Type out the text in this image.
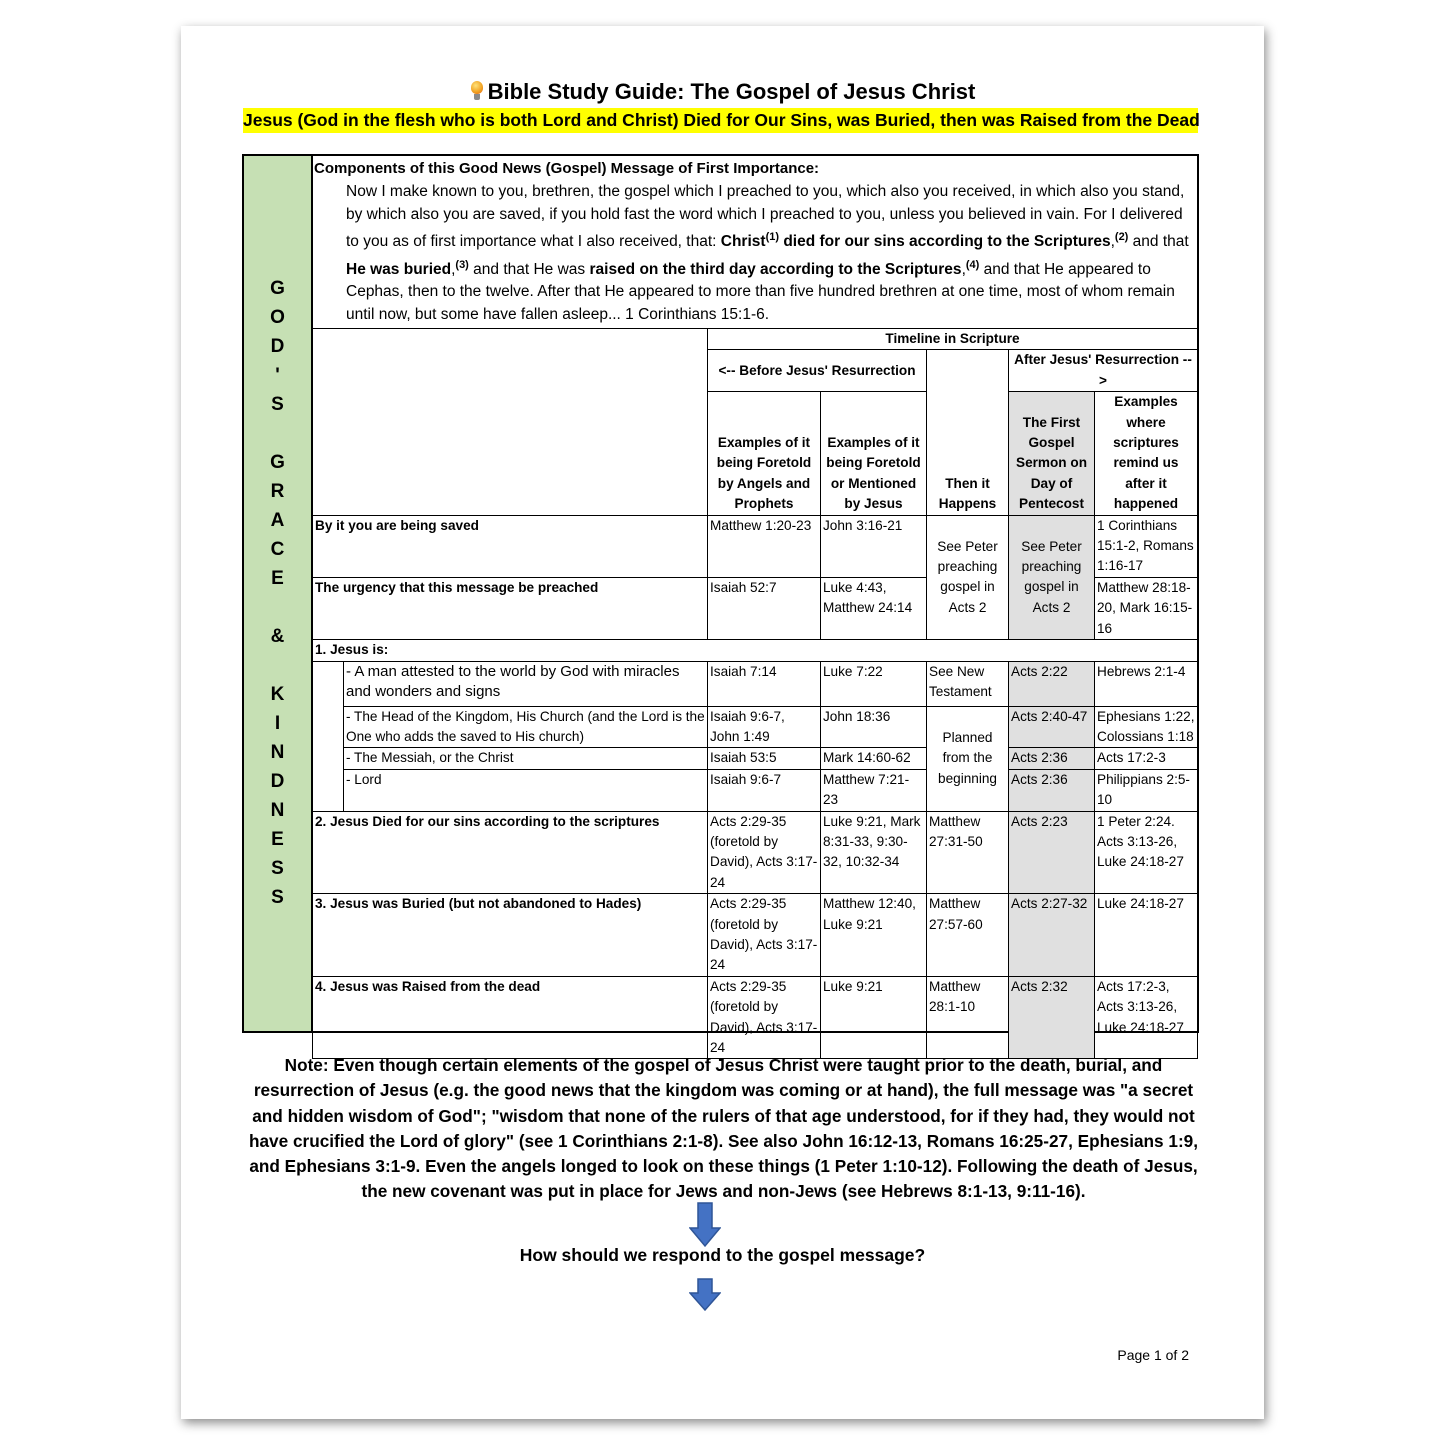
Bible Study Guide: The Gospel of Jesus Christ
Jesus (God in the flesh who is both Lord and Christ) Died for Our Sins, was Buried, then was Raised from the Dead
G
O
D
'
S
G
R
A
C
E
&
K
I
N
D
N
E
S
S
Components of this Good News (Gospel) Message of First Importance:
Now I make known to you, brethren, the gospel which I preached to you, which also you received, in which also you stand, by which also you are saved, if you hold fast the word which I preached to you, unless you believed in vain. For I delivered to you as of first importance what I also received, that: Christ$^{(1)}$ died for our sins according to the Scriptures,$^{(2)}$ and that He was buried,$^{(3)}$ and that He was raised on the third day according to the Scriptures,$^{(4)}$ and that He appeared to Cephas, then to the twelve. After that He appeared to more than five hundred brethren at one time, most of whom remain until now, but some have fallen asleep... 1 Corinthians 15:1-6.
		Timeline in Scripture				
		<-- Before Jesus' Resurrection			After Jesus' Resurrection -->	
		Examples of it being Foretold by Angels and Prophets	Examples of it being Foretold or Mentioned by Jesus	Then it Happens	The First Gospel Sermon on Day of Pentecost	Examples where scriptures remind us after it happened
By it you are being saved		Matthew 1:20-23	John 3:16-21	See Peter preaching gospel in Acts 2	See Peter preaching gospel in Acts 2	1 Corinthians 15:1-2, Romans 1:16-17
The urgency that this message be preached		Isaiah 52:7	Luke 4:43, Matthew 24:14			Matthew 28:18-20, Mark 16:15-16
1. Jesus is:						
	- A man attested to the world by God with miracles and wonders and signs	Isaiah 7:14	Luke 7:22	See New Testament	Acts 2:22	Hebrews 2:1-4
	- The Head of the Kingdom, His Church (and the Lord is the One who adds the saved to His church)	Isaiah 9:6-7, John 1:49	John 18:36	Planned from the beginning	Acts 2:40-47	Ephesians 1:22, Colossians 1:18
	- The Messiah, or the Christ	Isaiah 53:5	Mark 14:60-62		Acts 2:36	Acts 17:2-3
	- Lord	Isaiah 9:6-7	Matthew 7:21-23		Acts 2:36	Philippians 2:5-10
2. Jesus Died for our sins according to the scriptures		Acts 2:29-35 (foretold by David), Acts 3:17-24	Luke 9:21, Mark 8:31-33, 9:30-32, 10:32-34	Matthew 27:31-50	Acts 2:23	1 Peter 2:24. Acts 3:13-26, Luke 24:18-27
3. Jesus was Buried (but not abandoned to Hades)		Acts 2:29-35 (foretold by David), Acts 3:17-24	Matthew 12:40, Luke 9:21	Matthew 27:57-60	Acts 2:27-32	Luke 24:18-27
4. Jesus was Raised from the dead		Acts 2:29-35 (foretold by David), Acts 3:17-24	Luke 9:21	Matthew 28:1-10	Acts 2:32	Acts 17:2-3, Acts 3:13-26, Luke 24:18-27
Note: Even though certain elements of the gospel of Jesus Christ were taught prior to the death, burial, and resurrection of Jesus (e.g. the good news that the kingdom was coming or at hand), the full message was "a secret and hidden wisdom of God"; "wisdom that none of the rulers of that age understood, for if they had, they would not have crucified the Lord of glory" (see 1 Corinthians 2:1-8). See also John 16:12-13, Romans 16:25-27, Ephesians 1:9, and Ephesians 3:1-9. Even the angels longed to look on these things (1 Peter 1:10-12). Following the death of Jesus, the new covenant was put in place for Jews and non-Jews (see Hebrews 8:1-13, 9:11-16).
How should we respond to the gospel message?
Page 1 of 2
